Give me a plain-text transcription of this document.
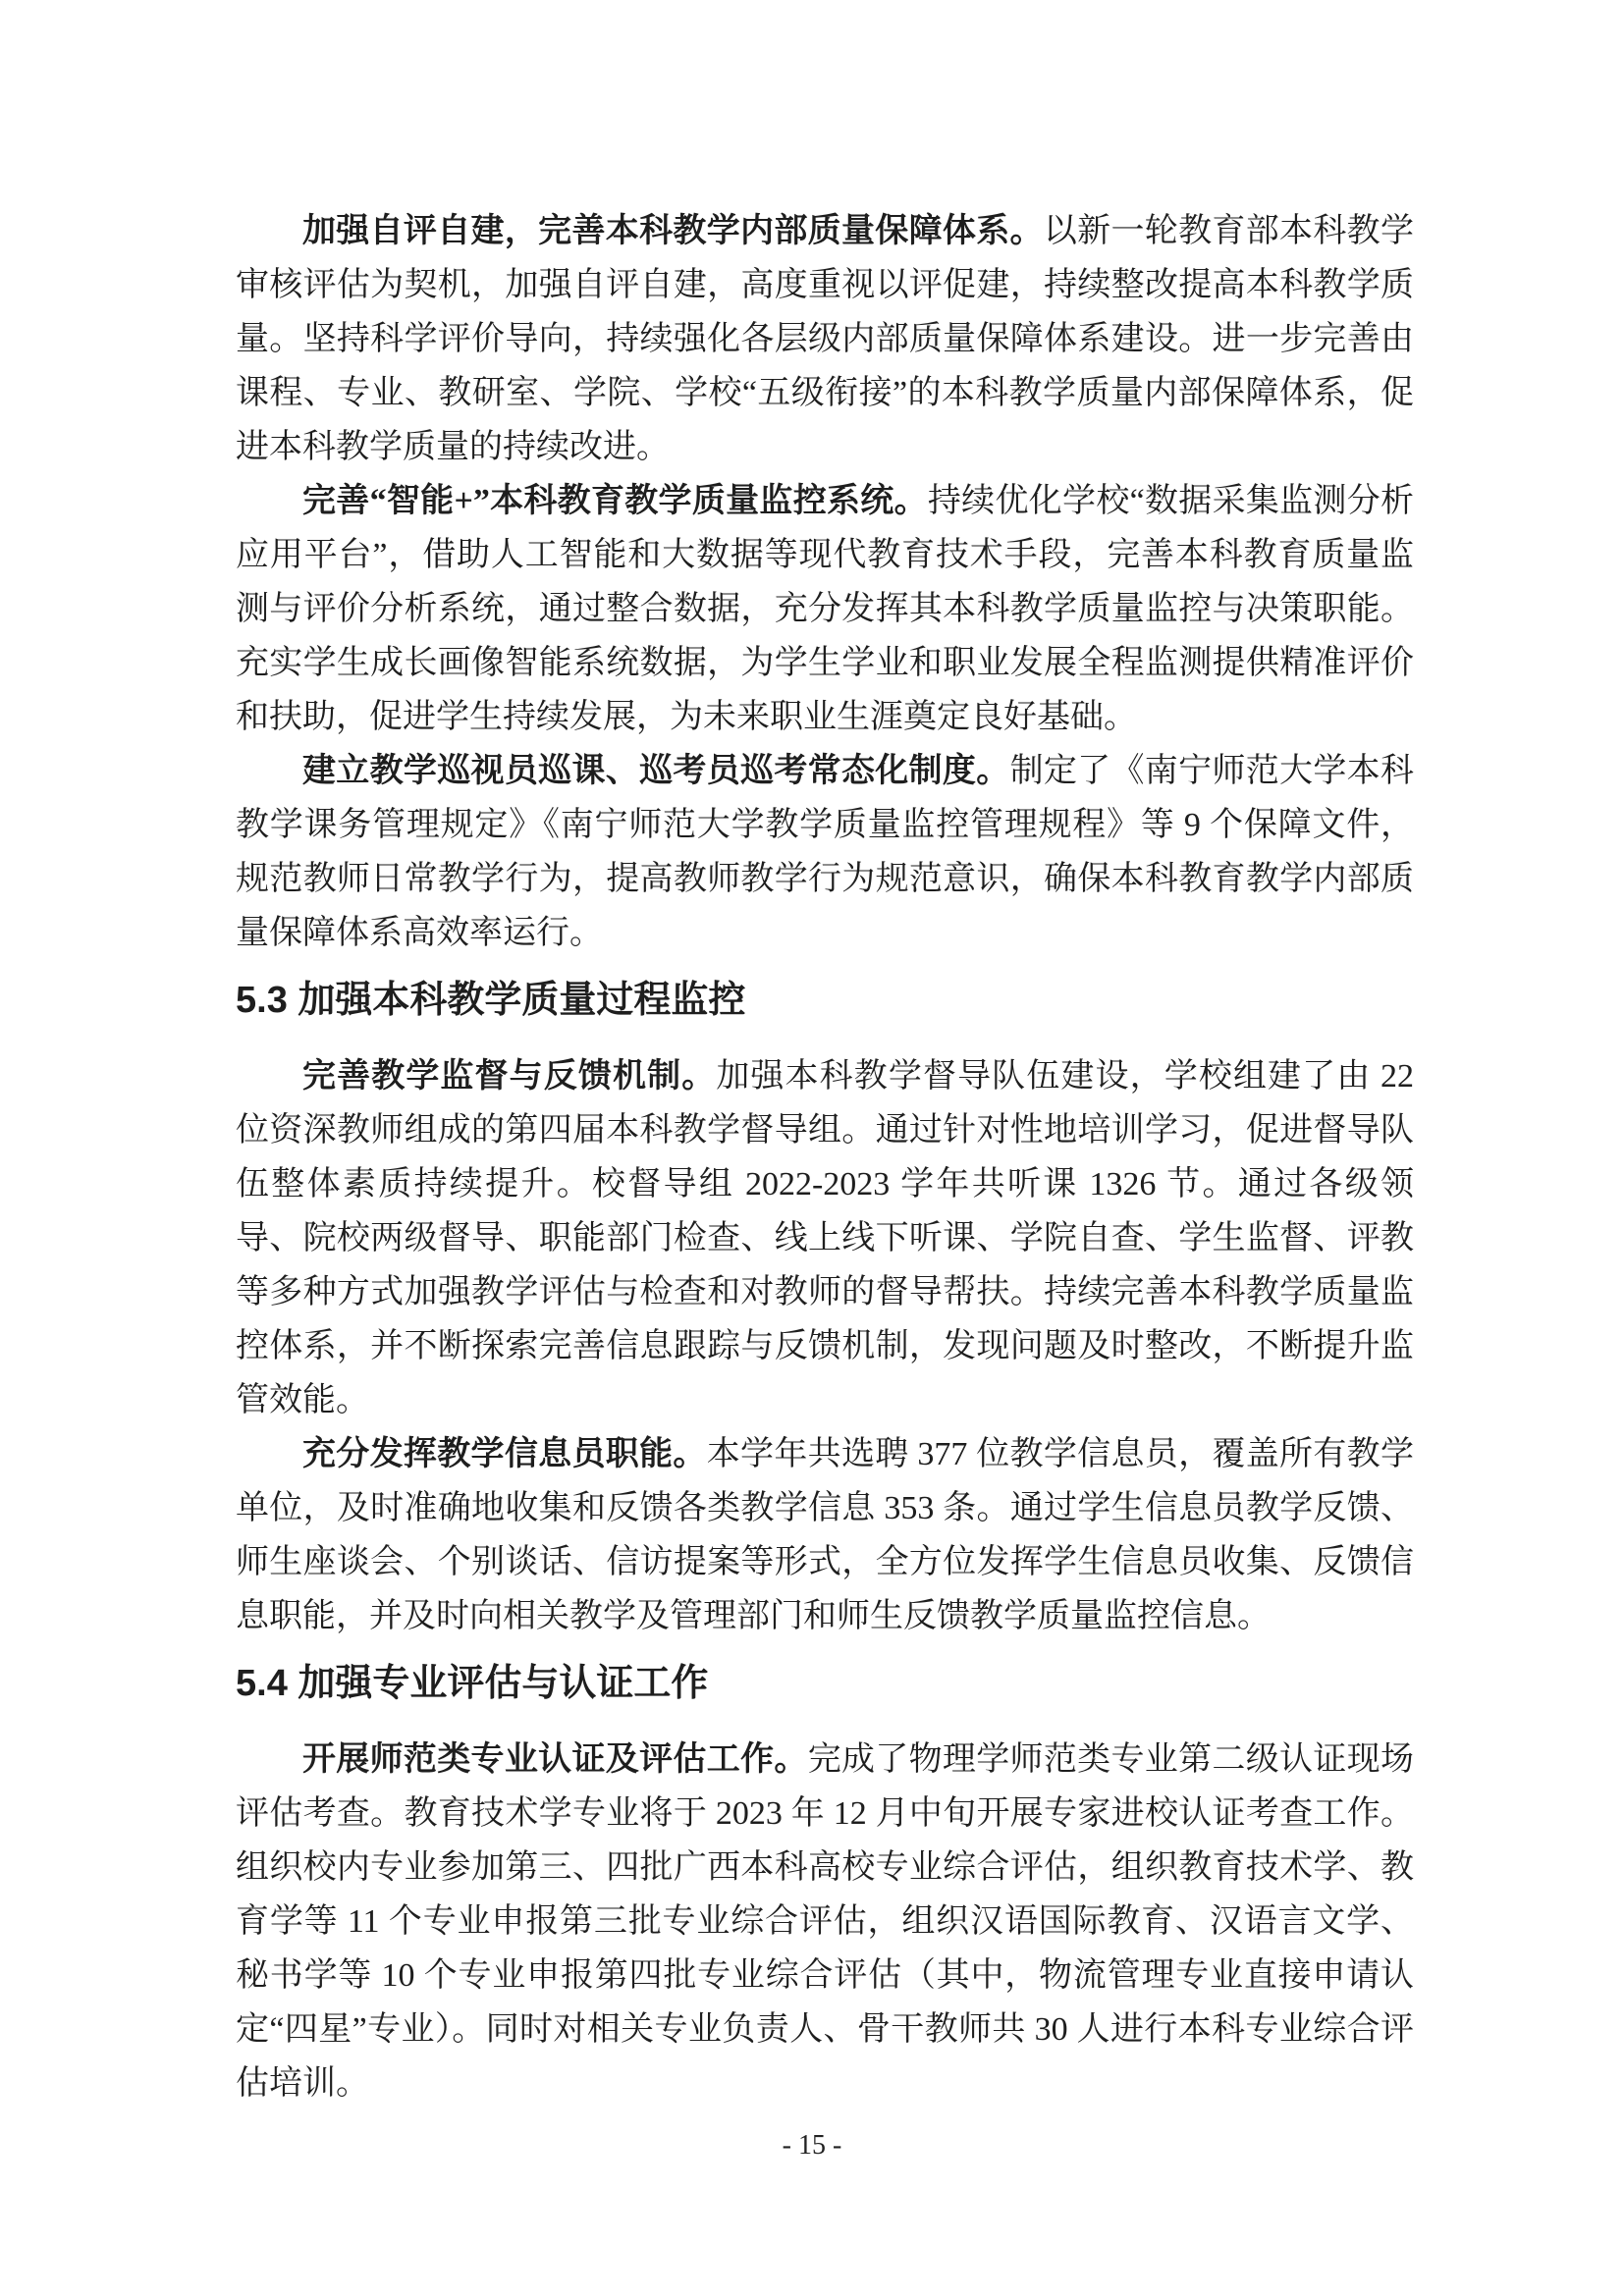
加强自评自建，完善本科教学内部质量保障体系。以新一轮教育部本科教学审核评估为契机，加强自评自建，高度重视以评促建，持续整改提高本科教学质量。坚持科学评价导向，持续强化各层级内部质量保障体系建设。进一步完善由课程、专业、教研室、学院、学校“五级衔接”的本科教学质量内部保障体系，促进本科教学质量的持续改进。

完善“智能+”本科教育教学质量监控系统。持续优化学校“数据采集监测分析应用平台”，借助人工智能和大数据等现代教育技术手段，完善本科教育质量监测与评价分析系统，通过整合数据，充分发挥其本科教学质量监控与决策职能。充实学生成长画像智能系统数据，为学生学业和职业发展全程监测提供精准评价和扶助，促进学生持续发展，为未来职业生涯奠定良好基础。

建立教学巡视员巡课、巡考员巡考常态化制度。制定了《南宁师范大学本科教学课务管理规定》《南宁师范大学教学质量监控管理规程》等 9 个保障文件，规范教师日常教学行为，提高教师教学行为规范意识，确保本科教育教学内部质量保障体系高效率运行。

5.3 加强本科教学质量过程监控

完善教学监督与反馈机制。加强本科教学督导队伍建设，学校组建了由 22 位资深教师组成的第四届本科教学督导组。通过针对性地培训学习，促进督导队伍整体素质持续提升。校督导组 2022-2023 学年共听课 1326 节。通过各级领导、院校两级督导、职能部门检查、线上线下听课、学院自查、学生监督、评教等多种方式加强教学评估与检查和对教师的督导帮扶。持续完善本科教学质量监控体系，并不断探索完善信息跟踪与反馈机制，发现问题及时整改，不断提升监管效能。

充分发挥教学信息员职能。本学年共选聘 377 位教学信息员，覆盖所有教学单位，及时准确地收集和反馈各类教学信息 353 条。通过学生信息员教学反馈、师生座谈会、个别谈话、信访提案等形式，全方位发挥学生信息员收集、反馈信息职能，并及时向相关教学及管理部门和师生反馈教学质量监控信息。

5.4 加强专业评估与认证工作

开展师范类专业认证及评估工作。完成了物理学师范类专业第二级认证现场评估考查。教育技术学专业将于 2023 年 12 月中旬开展专家进校认证考查工作。组织校内专业参加第三、四批广西本科高校专业综合评估，组织教育技术学、教育学等 11 个专业申报第三批专业综合评估，组织汉语国际教育、汉语言文学、秘书学等 10 个专业申报第四批专业综合评估（其中，物流管理专业直接申请认定“四星”专业）。同时对相关专业负责人、骨干教师共 30 人进行本科专业综合评估培训。

- 15 -
